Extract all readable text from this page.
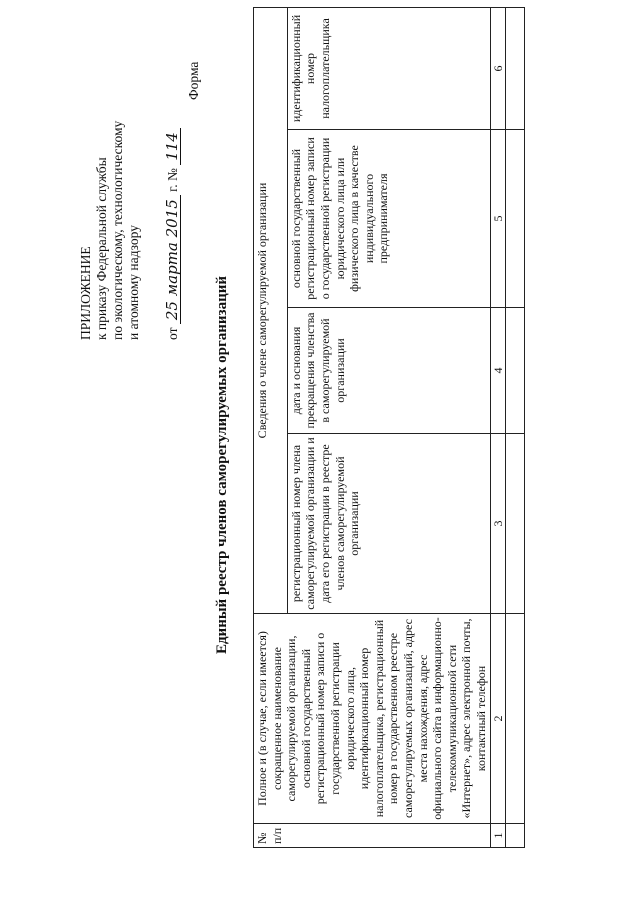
ПРИЛОЖЕНИЕ к приказу Федеральной службы по экологическому, технологическому и атомному надзору от 25 марта 2015 г. № 114
Форма
Единый реестр членов саморегулируемых организаций
№ п/п	Полное и (в случае, если имеется) сокращенное наименование саморегулируемой организации, основной государственный регистрационный номер записи о государственной регистрации юридического лица, идентификационный номер налогоплательщика, регистрационный номер в государственном реестре саморегулируемых организаций, адрес места нахождения, адрес официального сайта в информационно-телекоммуникационной сети «Интернет», адрес электронной почты, контактный телефон	Сведения о члене саморегулируемой организации			
		регистрационный номер члена саморегулируемой организации и дата его регистрации в реестре членов саморегулируемой организации	дата и основания прекращения членства в саморегулируемой организации	основной государственный регистрационный номер записи о государственной регистрации юридического лица или физического лица в качестве индивидуального предпринимателя	идентификационный номер налогоплательщика
1	2	3	4	5	6
